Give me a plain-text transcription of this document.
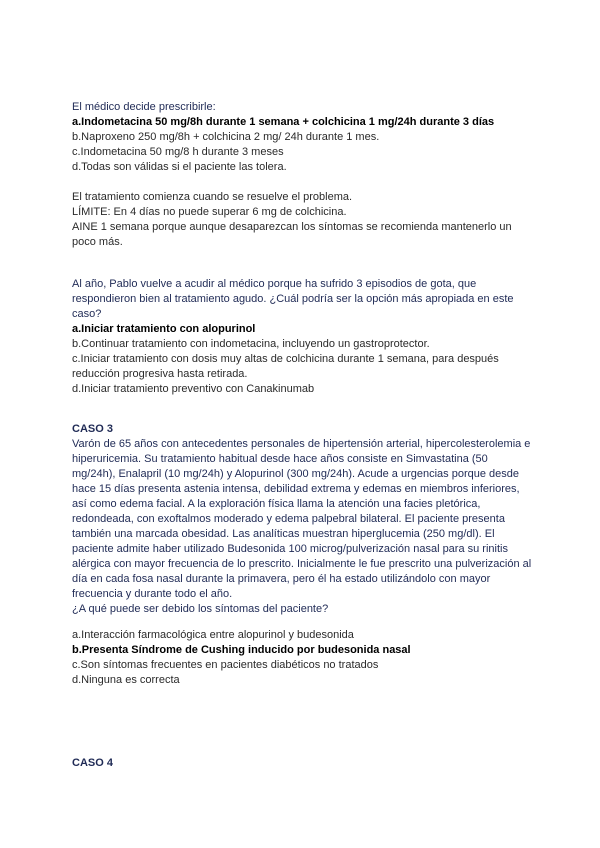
El médico decide prescribirle:

a.Indometacina 50 mg/8h durante 1 semana + colchicina 1 mg/24h durante 3 días

b.Naproxeno 250 mg/8h + colchicina 2 mg/ 24h durante 1 mes.

c.Indometacina 50 mg/8 h durante 3 meses

d.Todas son válidas si el paciente las tolera.

El tratamiento comienza cuando se resuelve el problema.

LÍMITE: En 4 días no puede superar 6 mg de colchicina.

AINE 1 semana porque aunque desaparezcan los síntomas se recomienda mantenerlo un poco más.

Al año, Pablo vuelve a acudir al médico porque ha sufrido 3 episodios de gota, que respondieron bien al tratamiento agudo. ¿Cuál podría ser la opción más apropiada en este caso?

a.Iniciar tratamiento con alopurinol

b.Continuar tratamiento con indometacina, incluyendo un gastroprotector.

c.Iniciar tratamiento con dosis muy altas de colchicina durante 1 semana, para después reducción progresiva hasta retirada.

d.Iniciar tratamiento preventivo con Canakinumab

CASO 3

Varón de 65 años con antecedentes personales de hipertensión arterial, hipercolesterolemia e hiperuricemia. Su tratamiento habitual desde hace años consiste en Simvastatina (50 mg/24h), Enalapril (10 mg/24h) y Alopurinol (300 mg/24h). Acude a urgencias porque desde hace 15 días presenta astenia intensa, debilidad extrema y edemas en miembros inferiores, así como edema facial. A la exploración física llama la atención una facies pletórica, redondeada, con exoftalmos moderado y edema palpebral bilateral. El paciente presenta también una marcada obesidad. Las analíticas muestran hiperglucemia (250 mg/dl). El paciente admite haber utilizado Budesonida 100 microg/pulverización nasal para su rinitis alérgica con mayor frecuencia de lo prescrito. Inicialmente le fue prescrito una pulverización al día en cada fosa nasal durante la primavera, pero él ha estado utilizándolo con mayor frecuencia y durante todo el año.

¿A qué puede ser debido los síntomas del paciente?

a.Interacción farmacológica entre alopurinol y budesonida

b.Presenta Síndrome de Cushing inducido por budesonida nasal

c.Son síntomas frecuentes en pacientes diabéticos no tratados

d.Ninguna es correcta

CASO 4
